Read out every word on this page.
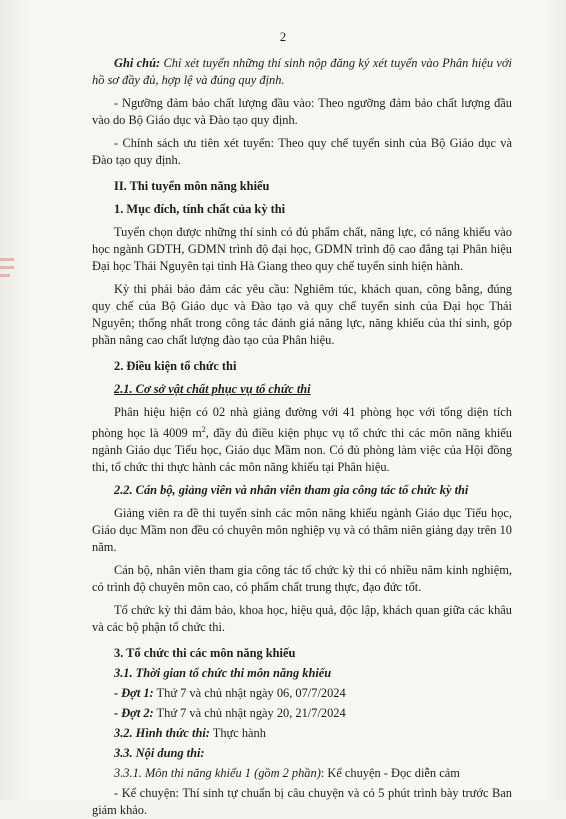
2

Ghi chú: Chỉ xét tuyển những thí sinh nộp đăng ký xét tuyển vào Phân hiệu với hồ sơ đầy đủ, hợp lệ và đúng quy định.

- Ngưỡng đảm bảo chất lượng đầu vào: Theo ngưỡng đảm bảo chất lượng đầu vào do Bộ Giáo dục và Đào tạo quy định.

- Chính sách ưu tiên xét tuyển: Theo quy chế tuyển sinh của Bộ Giáo dục và Đào tạo quy định.

II. Thi tuyển môn năng khiếu

1. Mục đích, tính chất của kỳ thi

Tuyển chọn được những thí sinh có đủ phẩm chất, năng lực, có năng khiếu vào học ngành GDTH, GDMN trình độ đại học, GDMN trình độ cao đẳng tại Phân hiệu Đại học Thái Nguyên tại tỉnh Hà Giang theo quy chế tuyển sinh hiện hành.

Kỳ thi phải bảo đảm các yêu cầu: Nghiêm túc, khách quan, công bằng, đúng quy chế của Bộ Giáo dục và Đào tạo và quy chế tuyển sinh của Đại học Thái Nguyên; thống nhất trong công tác đánh giá năng lực, năng khiếu của thí sinh, góp phần nâng cao chất lượng đào tạo của Phân hiệu.

2. Điều kiện tổ chức thi

2.1. Cơ sở vật chất phục vụ tổ chức thi

Phân hiệu hiện có 02 nhà giảng đường với 41 phòng học với tổng diện tích phòng học là 4009 $m^2$, đầy đủ điều kiện phục vụ tổ chức thi các môn năng khiếu ngành Giáo dục Tiểu học, Giáo dục Mầm non. Có đủ phòng làm việc của Hội đồng thi, tổ chức thi thực hành các môn năng khiếu tại Phân hiệu.

2.2. Cán bộ, giảng viên và nhân viên tham gia công tác tổ chức kỳ thi

Giảng viên ra đề thi tuyển sinh các môn năng khiếu ngành Giáo dục Tiểu học, Giáo dục Mầm non đều có chuyên môn nghiệp vụ và có thâm niên giảng dạy trên 10 năm.

Cán bộ, nhân viên tham gia công tác tổ chức kỳ thi có nhiều năm kinh nghiệm, có trình độ chuyên môn cao, có phẩm chất trung thực, đạo đức tốt.

Tổ chức kỳ thi đảm bảo, khoa học, hiệu quả, độc lập, khách quan giữa các khâu và các bộ phận tổ chức thi.

3. Tổ chức thi các môn năng khiếu

3.1. Thời gian tổ chức thi môn năng khiếu

- Đợt 1: Thứ 7 và chủ nhật ngày 06, 07/7/2024

- Đợt 2: Thứ 7 và chủ nhật ngày 20, 21/7/2024

3.2. Hình thức thi: Thực hành

3.3. Nội dung thi:

3.3.1. Môn thi năng khiếu 1 (gồm 2 phần): Kể chuyện - Đọc diễn cảm

- Kể chuyện: Thí sinh tự chuẩn bị câu chuyện và có 5 phút trình bày trước Ban giám khảo.
